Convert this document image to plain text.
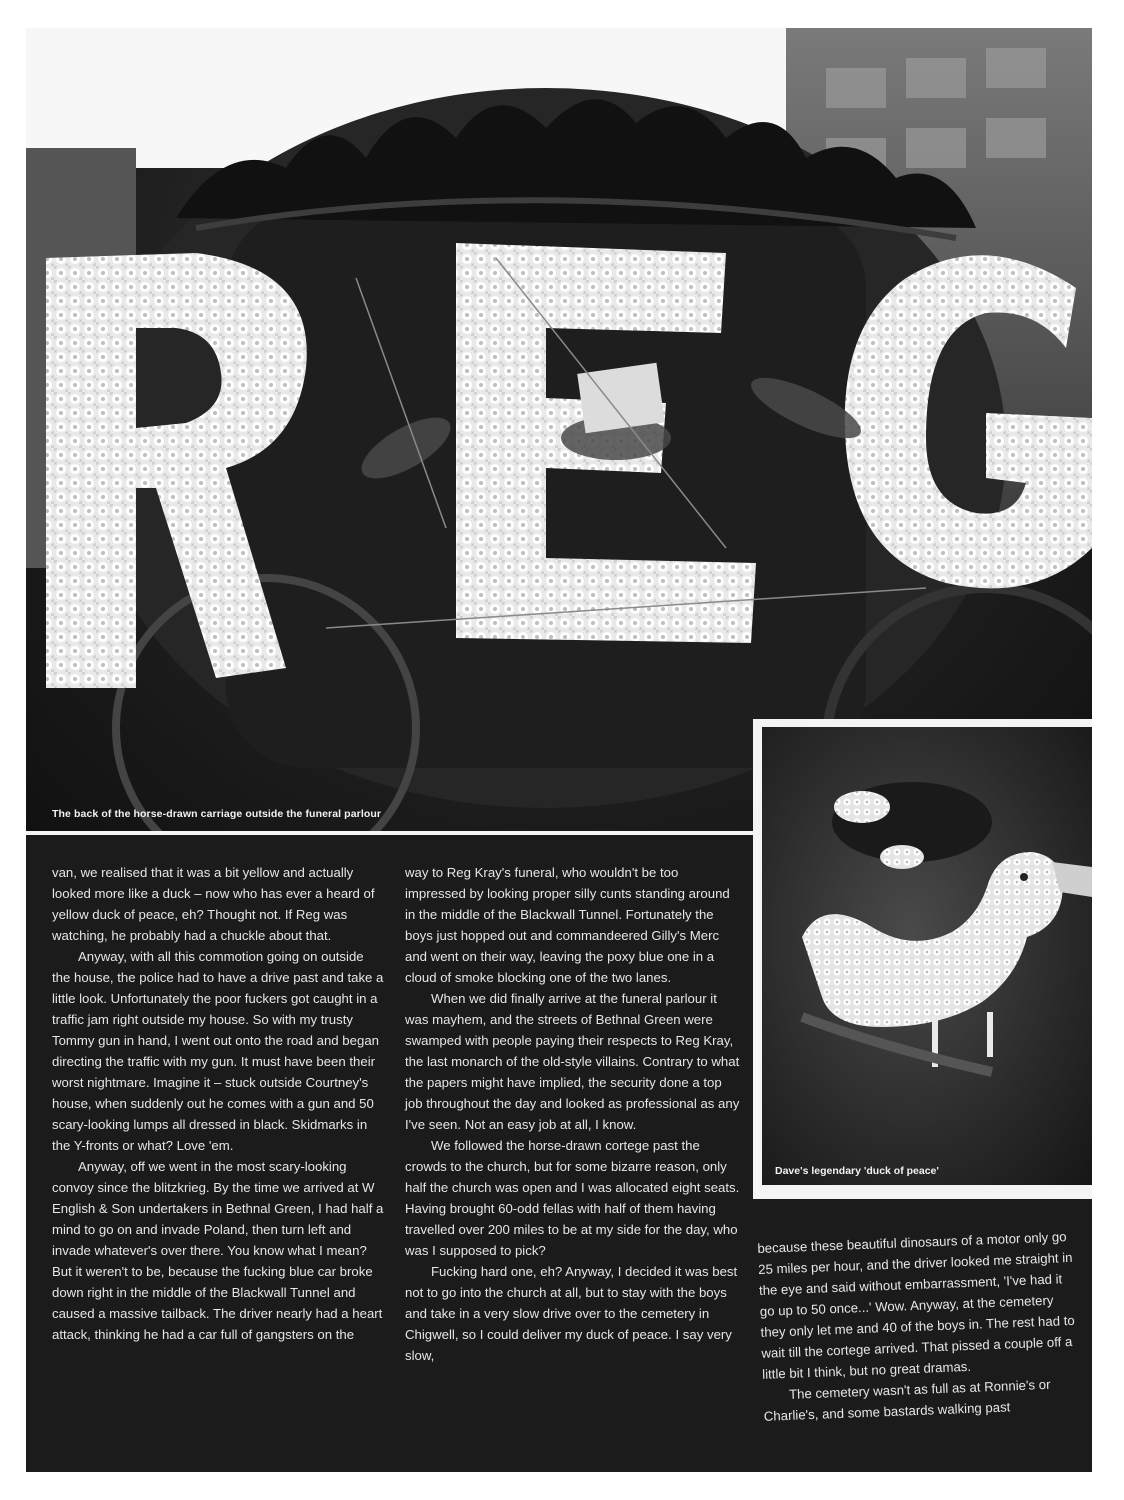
The back of the horse-drawn carriage outside the funeral parlour
Dave's legendary 'duck of peace'

van, we realised that it was a bit yellow and actually looked more like a duck – now who has ever a heard of yellow duck of peace, eh? Thought not. If Reg was watching, he probably had a chuckle about that.

Anyway, with all this commotion going on outside the house, the police had to have a drive past and take a little look. Unfortunately the poor fuckers got caught in a traffic jam right outside my house. So with my trusty Tommy gun in hand, I went out onto the road and began directing the traffic with my gun. It must have been their worst nightmare. Imagine it – stuck outside Courtney's house, when suddenly out he comes with a gun and 50 scary-looking lumps all dressed in black. Skidmarks in the Y-fronts or what? Love 'em.

Anyway, off we went in the most scary-looking convoy since the blitzkrieg. By the time we arrived at W English & Son undertakers in Bethnal Green, I had half a mind to go on and invade Poland, then turn left and invade whatever's over there. You know what I mean? But it weren't to be, because the fucking blue car broke down right in the middle of the Blackwall Tunnel and caused a massive tailback. The driver nearly had a heart attack, thinking he had a car full of gangsters on the

way to Reg Kray's funeral, who wouldn't be too impressed by looking proper silly cunts standing around in the middle of the Blackwall Tunnel. Fortunately the boys just hopped out and commandeered Gilly's Merc and went on their way, leaving the poxy blue one in a cloud of smoke blocking one of the two lanes.

When we did finally arrive at the funeral parlour it was mayhem, and the streets of Bethnal Green were swamped with people paying their respects to Reg Kray, the last monarch of the old-style villains. Contrary to what the papers might have implied, the security done a top job throughout the day and looked as professional as any I've seen. Not an easy job at all, I know.

We followed the horse-drawn cortege past the crowds to the church, but for some bizarre reason, only half the church was open and I was allocated eight seats. Having brought 60-odd fellas with half of them having travelled over 200 miles to be at my side for the day, who was I supposed to pick?

Fucking hard one, eh? Anyway, I decided it was best not to go into the church at all, but to stay with the boys and take in a very slow drive over to the cemetery in Chigwell, so I could deliver my duck of peace. I say very slow,

because these beautiful dinosaurs of a motor only go 25 miles per hour, and the driver looked me straight in the eye and said without embarrassment, 'I've had it go up to 50 once...' Wow. Anyway, at the cemetery they only let me and 40 of the boys in. The rest had to wait till the cortege arrived. That pissed a couple off a little bit I think, but no great dramas.

The cemetery wasn't as full as at Ronnie's or Charlie's, and some bastards walking past
